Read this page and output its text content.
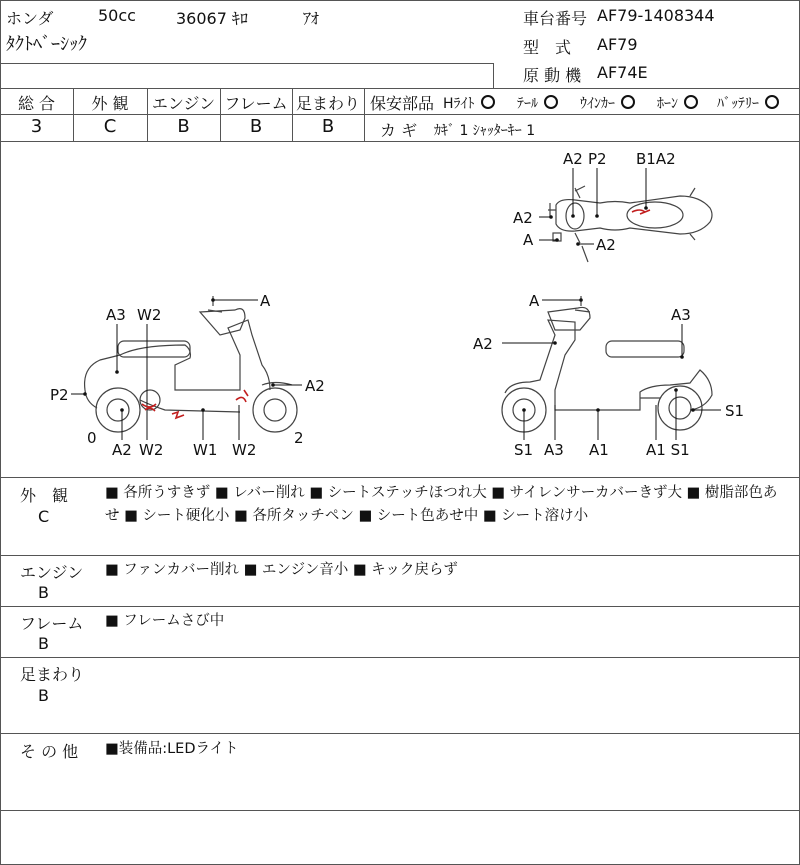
ホンダ	50cc	36067 ｷﾛ	ｱｵ
ﾀｸﾄﾍﾞｰｼｯｸ
車台番号 AF79-1408344
型　式 AF79
原 動 機 AF74E
総 合	外 観	エンジン フレーム 足まわり
3	C	B	B	B
保安部品 Hﾗｲﾄ	ﾃｰﾙ	ｳｲﾝｶｰ	ﾎｰﾝ	ﾊﾞｯﾃﾘｰ
カ ギ ｶｷﾞ 1 ｼｬｯﾀｰｷｰ 1
A2 P2 B1A2
A2
A	A2
A
A3 W2
P2	A2
0
A2 W2 W1 W2
2
A
A3
A2
S1
S1 A3 A1 A1 S1
外　観
C
■ 各所うすきず ■ レバー削れ ■ シートステッチほつれ大 ■ サイレンサーカバーきず大 ■ 樹脂部色あ
せ ■ シート硬化小 ■ 各所タッチペン ■ シート色あせ中 ■ シート溶け小
エンジン
B
■ ファンカバー削れ ■ エンジン音小 ■ キック戻らず
フレーム
B
■ フレームさび中
足まわり
B
そ の 他 ■装備品:LEDライト
